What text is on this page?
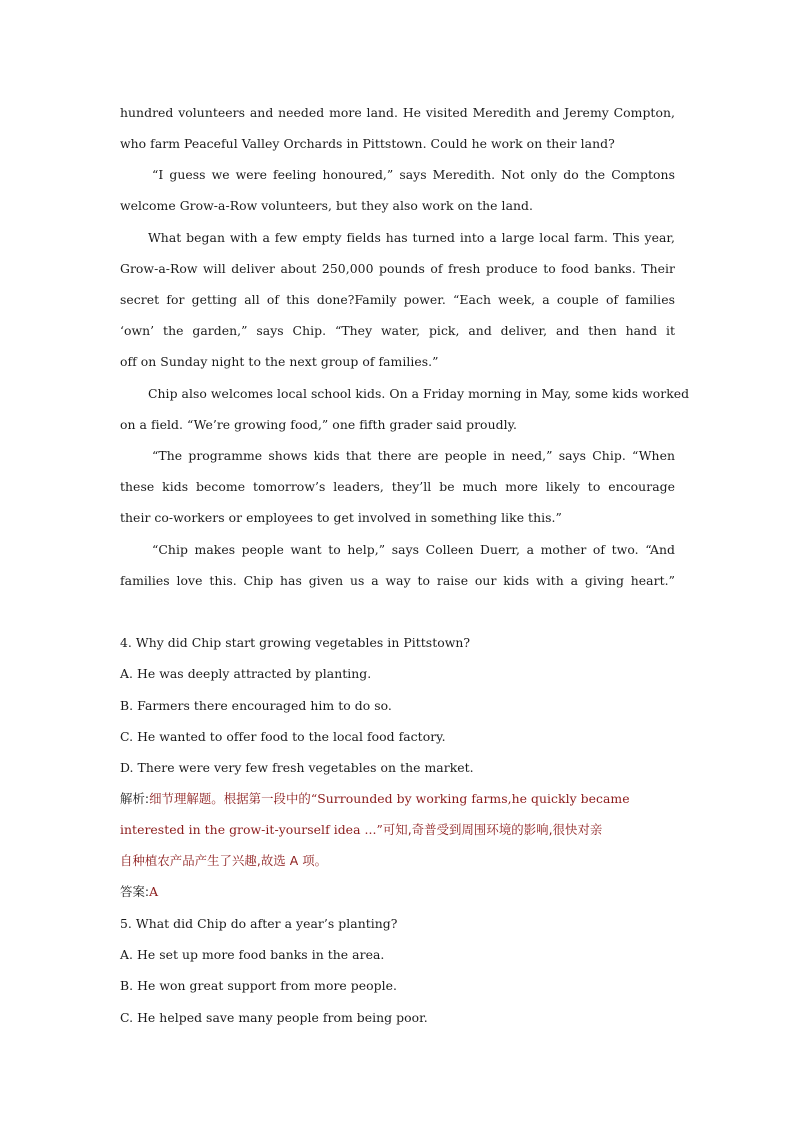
hundred volunteers and needed more land. He visited Meredith and Jeremy Compton,
who farm Peaceful Valley Orchards in Pittstown. Could he work on their land?
“I guess we were feeling honoured,” says Meredith. Not only do the Comptons
welcome Grow-a-Row volunteers, but they also work on the land.
What began with a few empty fields has turned into a large local farm. This year,
Grow-a-Row will deliver about 250,000 pounds of fresh produce to food banks. Their
secret for getting all of this done?Family power. “Each week, a couple of families
‘own’ the garden,” says Chip. “They water, pick, and deliver, and then hand it
off on Sunday night to the next group of families.”
Chip also welcomes local school kids. On a Friday morning in May, some kids worked
on a field. “We’re growing food,” one fifth grader said proudly.
“The programme shows kids that there are people in need,” says Chip. “When
these kids become tomorrow’s leaders, they’ll be much more likely to encourage
their co-workers or employees to get involved in something like this.”
“Chip makes people want to help,” says Colleen Duerr, a mother of two. “And
families love this. Chip has given us a way to raise our kids with a giving heart.”
4. Why did Chip start growing vegetables in Pittstown?
A. He was deeply attracted by planting.
B. Farmers there encouraged him to do so.
C. He wanted to offer food to the local food factory.
D. There were very few fresh vegetables on the market.
解析:细节理解题。根据第一段中的“Surrounded by working farms,he quickly became
interested in the grow-it-yourself idea ...”可知,奇普受到周围环境的影响,很快对亲
自种植农产品产生了兴趣,故选 A 项。
答案:A
5. What did Chip do after a year’s planting?
A. He set up more food banks in the area.
B. He won great support from more people.
C. He helped save many people from being poor.
